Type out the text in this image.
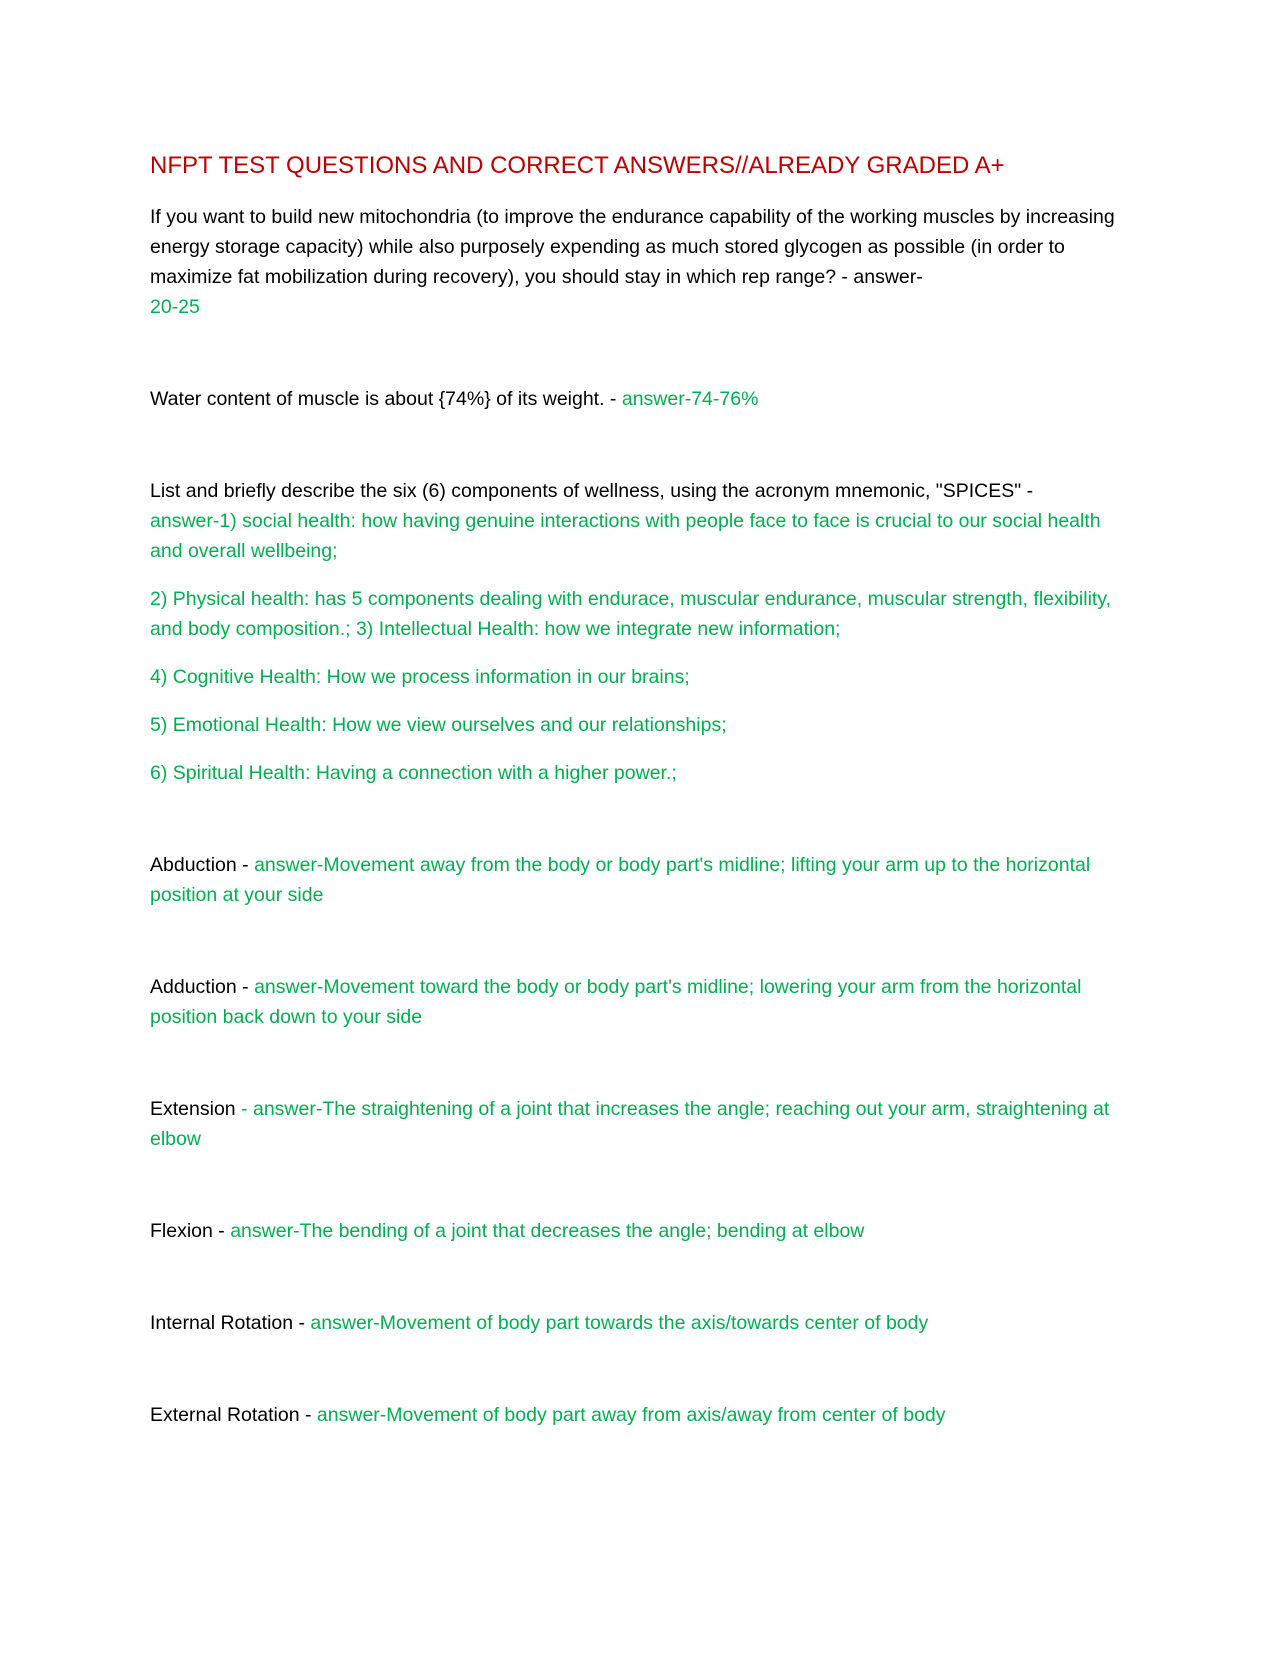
NFPT TEST QUESTIONS AND CORRECT ANSWERS//ALREADY GRADED A+

If you want to build new mitochondria (to improve the endurance capability of the working muscles by increasing energy storage capacity) while also purposely expending as much stored glycogen as possible (in order to maximize fat mobilization during recovery), you should stay in which rep range? - answer-
20-25

Water content of muscle is about {74%} of its weight. - answer-74-76%

List and briefly describe the six (6) components of wellness, using the acronym mnemonic, "SPICES" -
answer-1) social health: how having genuine interactions with people face to face is crucial to our social health and overall wellbeing;

2) Physical health: has 5 components dealing with endurace, muscular endurance, muscular strength, flexibility, and body composition.; 3) Intellectual Health: how we integrate new information;

4) Cognitive Health: How we process information in our brains;

5) Emotional Health: How we view ourselves and our relationships;

6) Spiritual Health: Having a connection with a higher power.;

Abduction - answer-Movement away from the body or body part's midline; lifting your arm up to the horizontal position at your side

Adduction - answer-Movement toward the body or body part's midline; lowering your arm from the horizontal position back down to your side

Extension - answer-The straightening of a joint that increases the angle; reaching out your arm, straightening at elbow

Flexion - answer-The bending of a joint that decreases the angle; bending at elbow

Internal Rotation - answer-Movement of body part towards the axis/towards center of body

External Rotation - answer-Movement of body part away from axis/away from center of body
